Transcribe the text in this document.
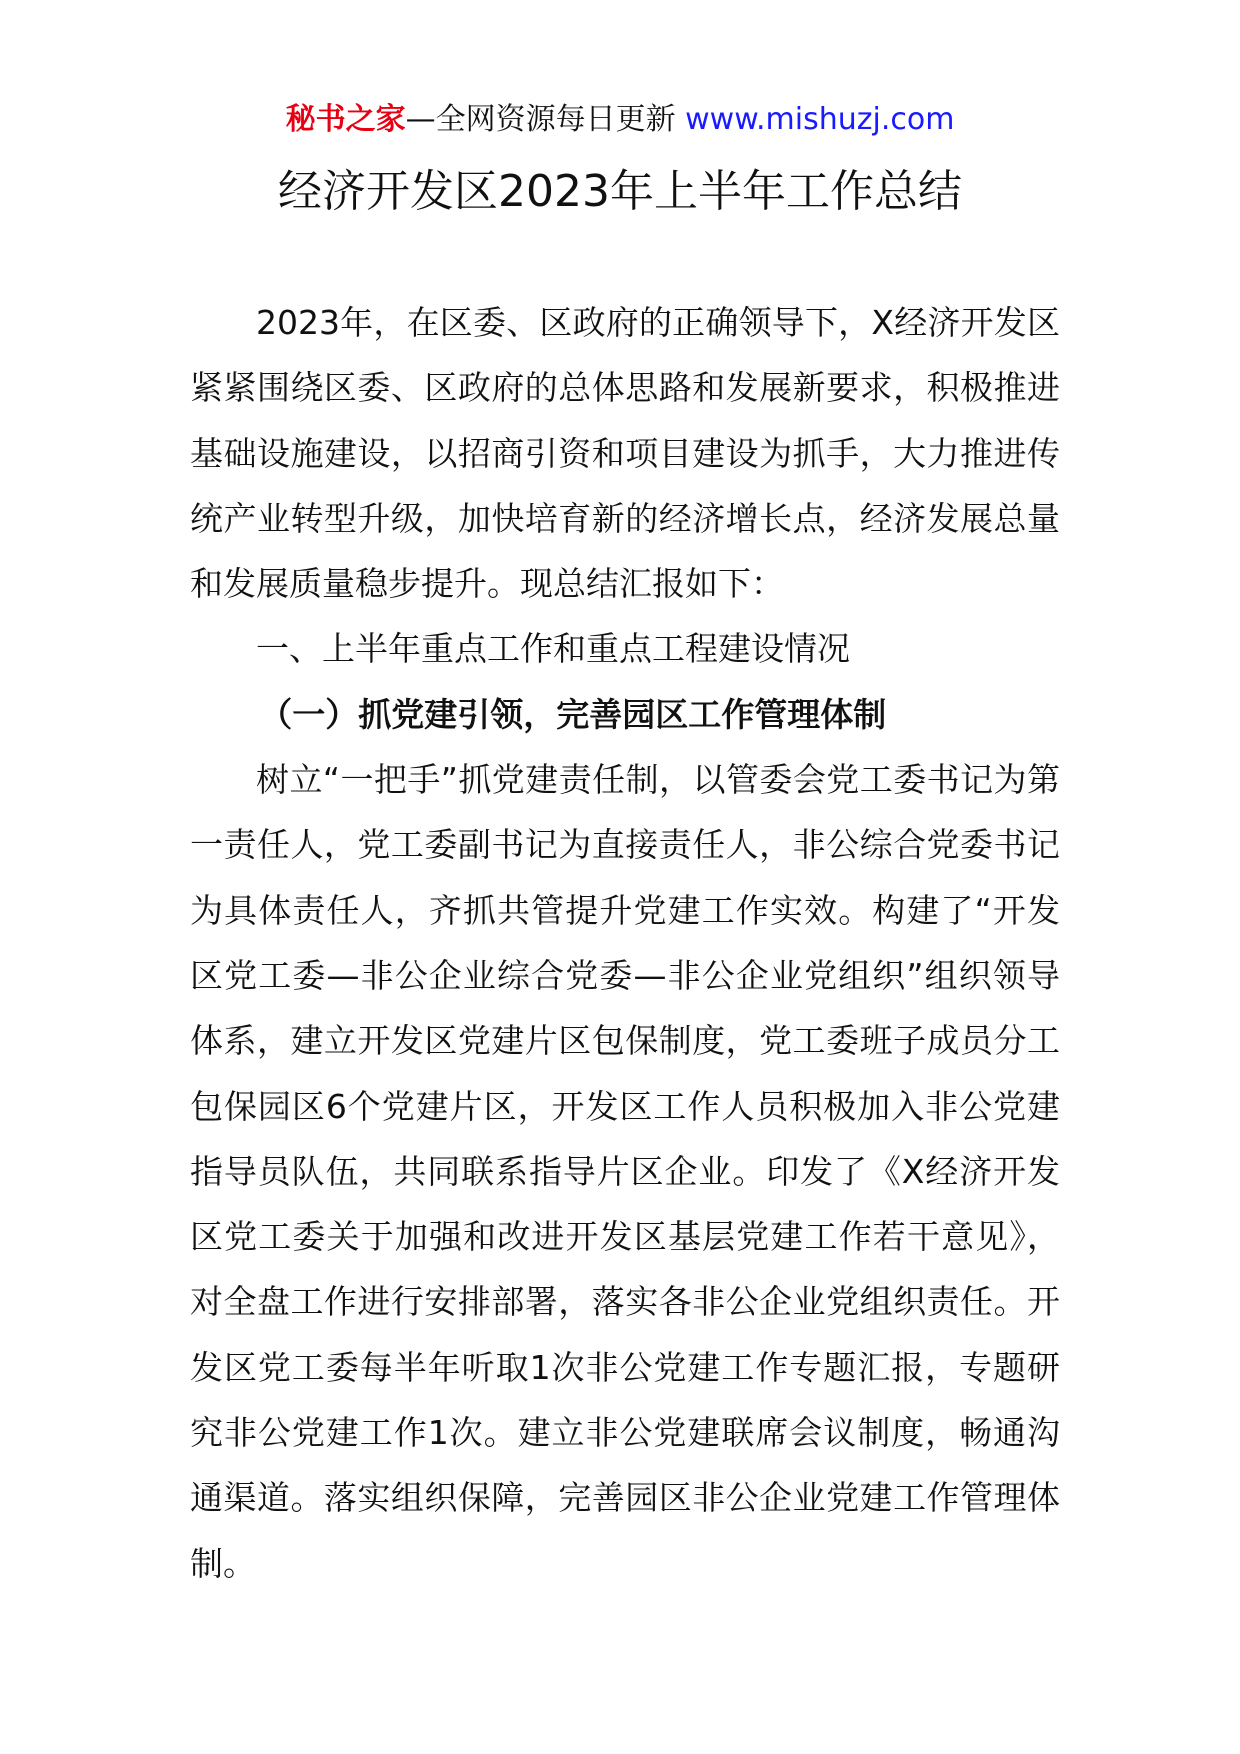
秘书之家—全网资源每日更新 www.mishuzj.com
经济开发区2023年上半年工作总结

2023年，在区委、区政府的正确领导下，X经济开发区紧紧围绕区委、区政府的总体思路和发展新要求，积极推进基础设施建设，以招商引资和项目建设为抓手，大力推进传统产业转型升级，加快培育新的经济增长点，经济发展总量和发展质量稳步提升。现总结汇报如下：

一、上半年重点工作和重点工程建设情况

（一）抓党建引领，完善园区工作管理体制

树立“一把手”抓党建责任制，以管委会党工委书记为第一责任人，党工委副书记为直接责任人，非公综合党委书记为具体责任人，齐抓共管提升党建工作实效。构建了“开发区党工委—非公企业综合党委—非公企业党组织”组织领导体系，建立开发区党建片区包保制度，党工委班子成员分工包保园区6个党建片区，开发区工作人员积极加入非公党建指导员队伍，共同联系指导片区企业。印发了《X经济开发区党工委关于加强和改进开发区基层党建工作若干意见》，对全盘工作进行安排部署，落实各非公企业党组织责任。开发区党工委每半年听取1次非公党建工作专题汇报，专题研究非公党建工作1次。建立非公党建联席会议制度，畅通沟通渠道。落实组织保障，完善园区非公企业党建工作管理体制。
